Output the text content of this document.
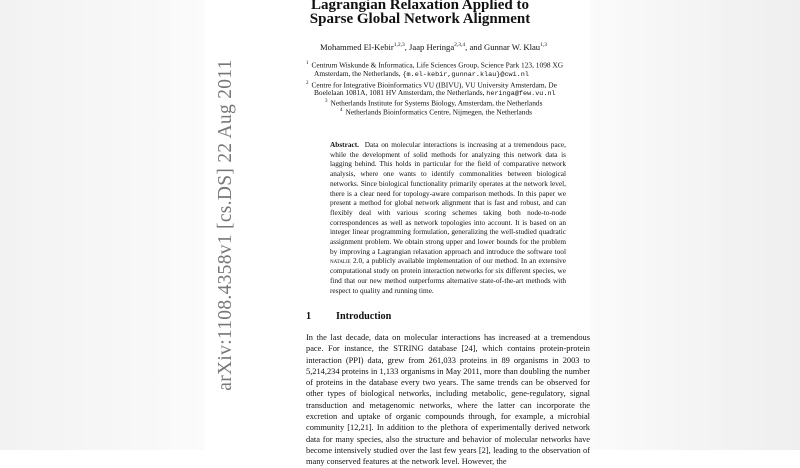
arXiv:1108.4358v1 [cs.DS] 22 Aug 2011
Lagrangian Relaxation Applied to
Sparse Global Network Alignment
Mohammed El-Kebir$^{1,2,3}$, Jaap Heringa$^{2,3,4}$, and Gunnar W. Klau$^{1,3}$
$^1$ Centrum Wiskunde & Informatica, Life Sciences Group, Science Park 123, 1098 XG
Amsterdam, the Netherlands, {m.el-kebir,gunnar.klau}@cwi.nl
$^2$ Centre for Integrative Bioinformatics VU (IBIVU), VU University Amsterdam, De
Boelelaan 1081A, 1081 HV Amsterdam, the Netherlands, heringa@few.vu.nl
$^3$ Netherlands Institute for Systems Biology, Amsterdam, the Netherlands
$^4$ Netherlands Bioinformatics Centre, Nijmegen, the Netherlands
Abstract. Data on molecular interactions is increasing at a tremendous pace, while the development of solid methods for analyzing this network data is lagging behind. This holds in particular for the field of comparative network analysis, where one wants to identify commonalities between biological networks. Since biological functionality primarily operates at the network level, there is a clear need for topology-aware comparison methods. In this paper we present a method for global network alignment that is fast and robust, and can flexibly deal with various scoring schemes taking both node-to-node correspondences as well as network topologies into account. It is based on an integer linear programming formulation, generalizing the well-studied quadratic assignment problem. We obtain strong upper and lower bounds for the problem by improving a Lagrangian relaxation approach and introduce the software tool natalie 2.0, a publicly available implementation of our method. In an extensive computational study on protein interaction networks for six different species, we find that our new method outperforms alternative state-of-the-art methods with respect to quality and running time.
1 Introduction
In the last decade, data on molecular interactions has increased at a tremendous pace. For instance, the STRING database [24], which contains protein-protein interaction (PPI) data, grew from 261,033 proteins in 89 organisms in 2003 to 5,214,234 proteins in 1,133 organisms in May 2011, more than doubling the number of proteins in the database every two years. The same trends can be observed for other types of biological networks, including metabolic, gene-regulatory, signal transduction and metagenomic networks, where the latter can incorporate the excretion and uptake of organic compounds through, for example, a microbial community [12,21]. In addition to the plethora of experimentally derived network data for many species, also the structure and behavior of molecular networks have become intensively studied over the last few years [2], leading to the observation of many conserved features at the network level. However, the
